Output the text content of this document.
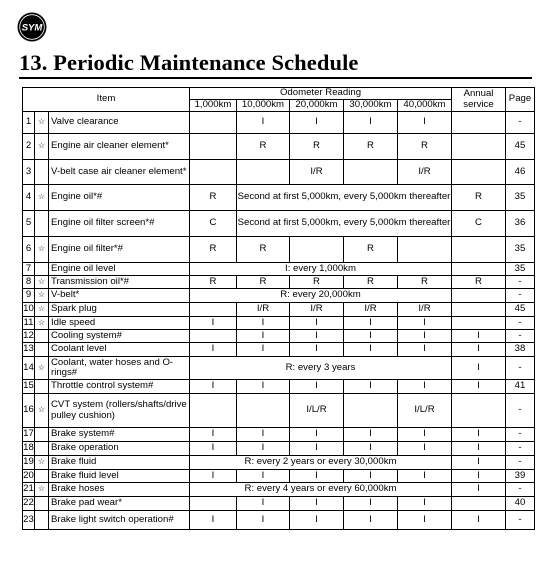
SYM
13. Periodic Maintenance Schedule
Item			Odometer Reading					Annual service	Page
			1,000km	10,000km	20,000km	30,000km	40,000km		
1	☆	Valve clearance		I	I	I	I		-
2	☆	Engine air cleaner element*		R	R	R	R		45
3		V-belt case air cleaner element*			I/R		I/R		46
4	☆	Engine oil*#	R	Second at first 5,000km, every 5,000km thereafter				R	35
5		Engine oil filter screen*#	C	Second at first 5,000km, every 5,000km thereafter				C	36
6	☆	Engine oil filter*#	R	R		R			35
7		Engine oil level	I: every 1,000km						35
8	☆	Transmission oil*#	R	R	R	R	R	R	-
9	☆	V-belt*	R: every 20,000km						-
10	☆	Spark plug		I/R	I/R	I/R	I/R		45
11	☆	Idle speed	I	I	I	I	I		-
12		Cooling system#		I	I	I	I	I	-
13		Coolant level	I	I	I	I	I	I	38
14	☆	Coolant, water hoses and O-rings#	R: every 3 years					I	-
15		Throttle control system#	I	I	I	I	I	I	41
16	☆	CVT system (rollers/shafts/drive pulley cushion)			I/L/R		I/L/R		-
17		Brake system#	I	I	I	I	I	I	-
18		Brake operation	I	I	I	I	I	I	-
19	☆	Brake fluid	R: every 2 years or every 30,000km					I	-
20		Brake fluid level	I	I	I	I	I	I	39
21	☆	Brake hoses	R: every 4 years or every 60,000km					I	-
22		Brake pad wear*		I	I	I	I		40
23		Brake light switch operation#	I	I	I	I	I	I	-
